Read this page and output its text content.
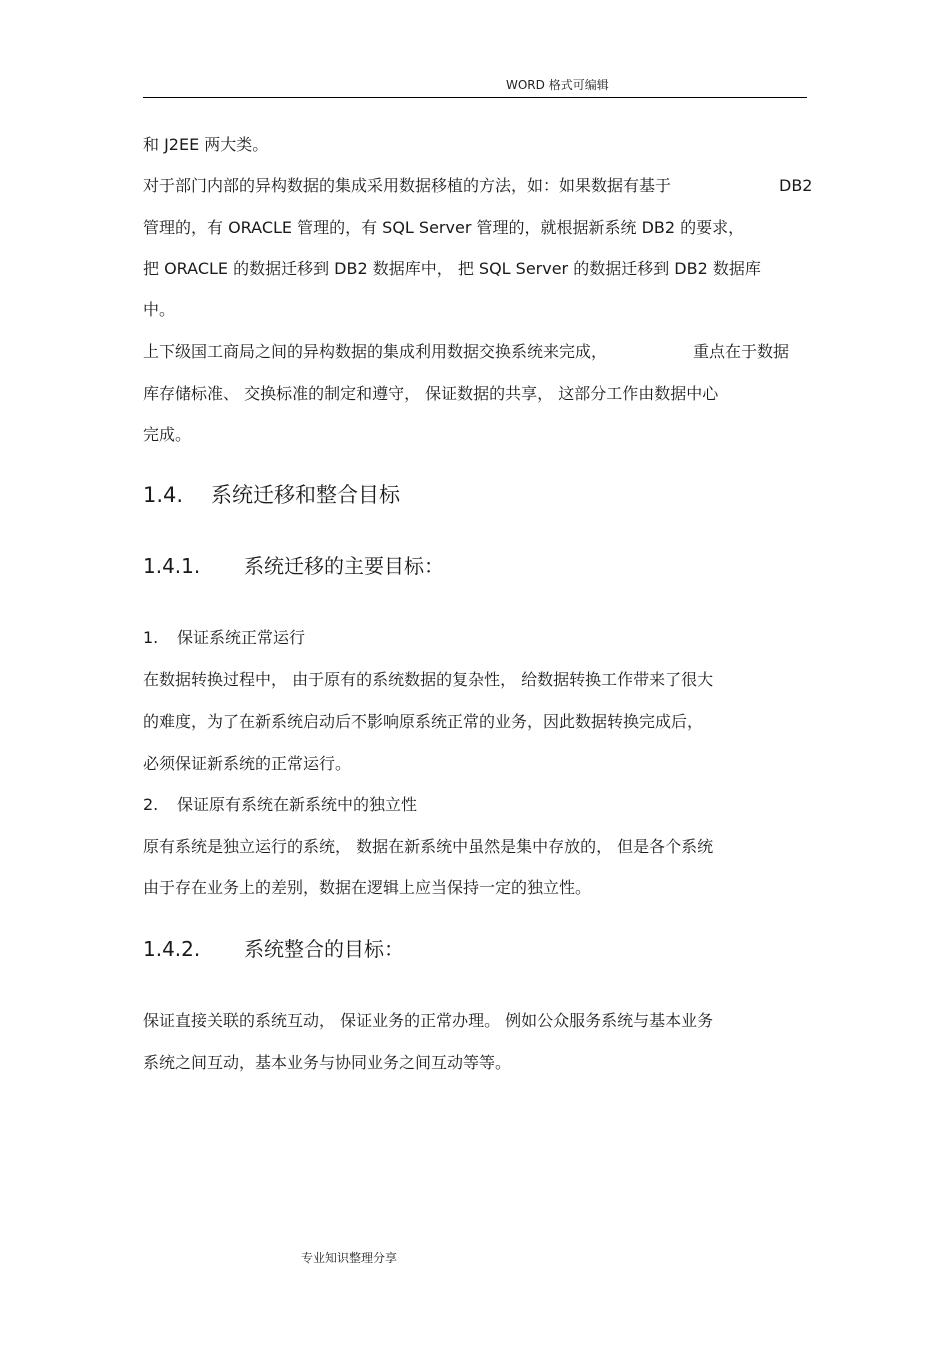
WORD 格式可编辑
和 J2EE 两大类。
对于部门内部的异构数据的集成采用数据移植的方法，如：如果数据有基于	DB2
管理的，有 ORACLE 管理的，有 SQL Server 管理的，就根据新系统 DB2 的要求，
把 ORACLE 的数据迁移到 DB2 数据库中， 把 SQL Server 的数据迁移到 DB2 数据库
中。
上下级国工商局之间的异构数据的集成利用数据交换系统来完成，	重点在于数据
库存储标准、 交换标准的制定和遵守， 保证数据的共享， 这部分工作由数据中心
完成。
1.4. 系统迁移和整合目标
1.4.1. 系统迁移的主要目标：
1. 保证系统正常运行
在数据转换过程中， 由于原有的系统数据的复杂性， 给数据转换工作带来了很大
的难度，为了在新系统启动后不影响原系统正常的业务，因此数据转换完成后，
必须保证新系统的正常运行。
2. 保证原有系统在新系统中的独立性
原有系统是独立运行的系统， 数据在新系统中虽然是集中存放的， 但是各个系统
由于存在业务上的差别，数据在逻辑上应当保持一定的独立性。
1.4.2. 系统整合的目标：
保证直接关联的系统互动， 保证业务的正常办理。 例如公众服务系统与基本业务
系统之间互动，基本业务与协同业务之间互动等等。
专业知识整理分享
